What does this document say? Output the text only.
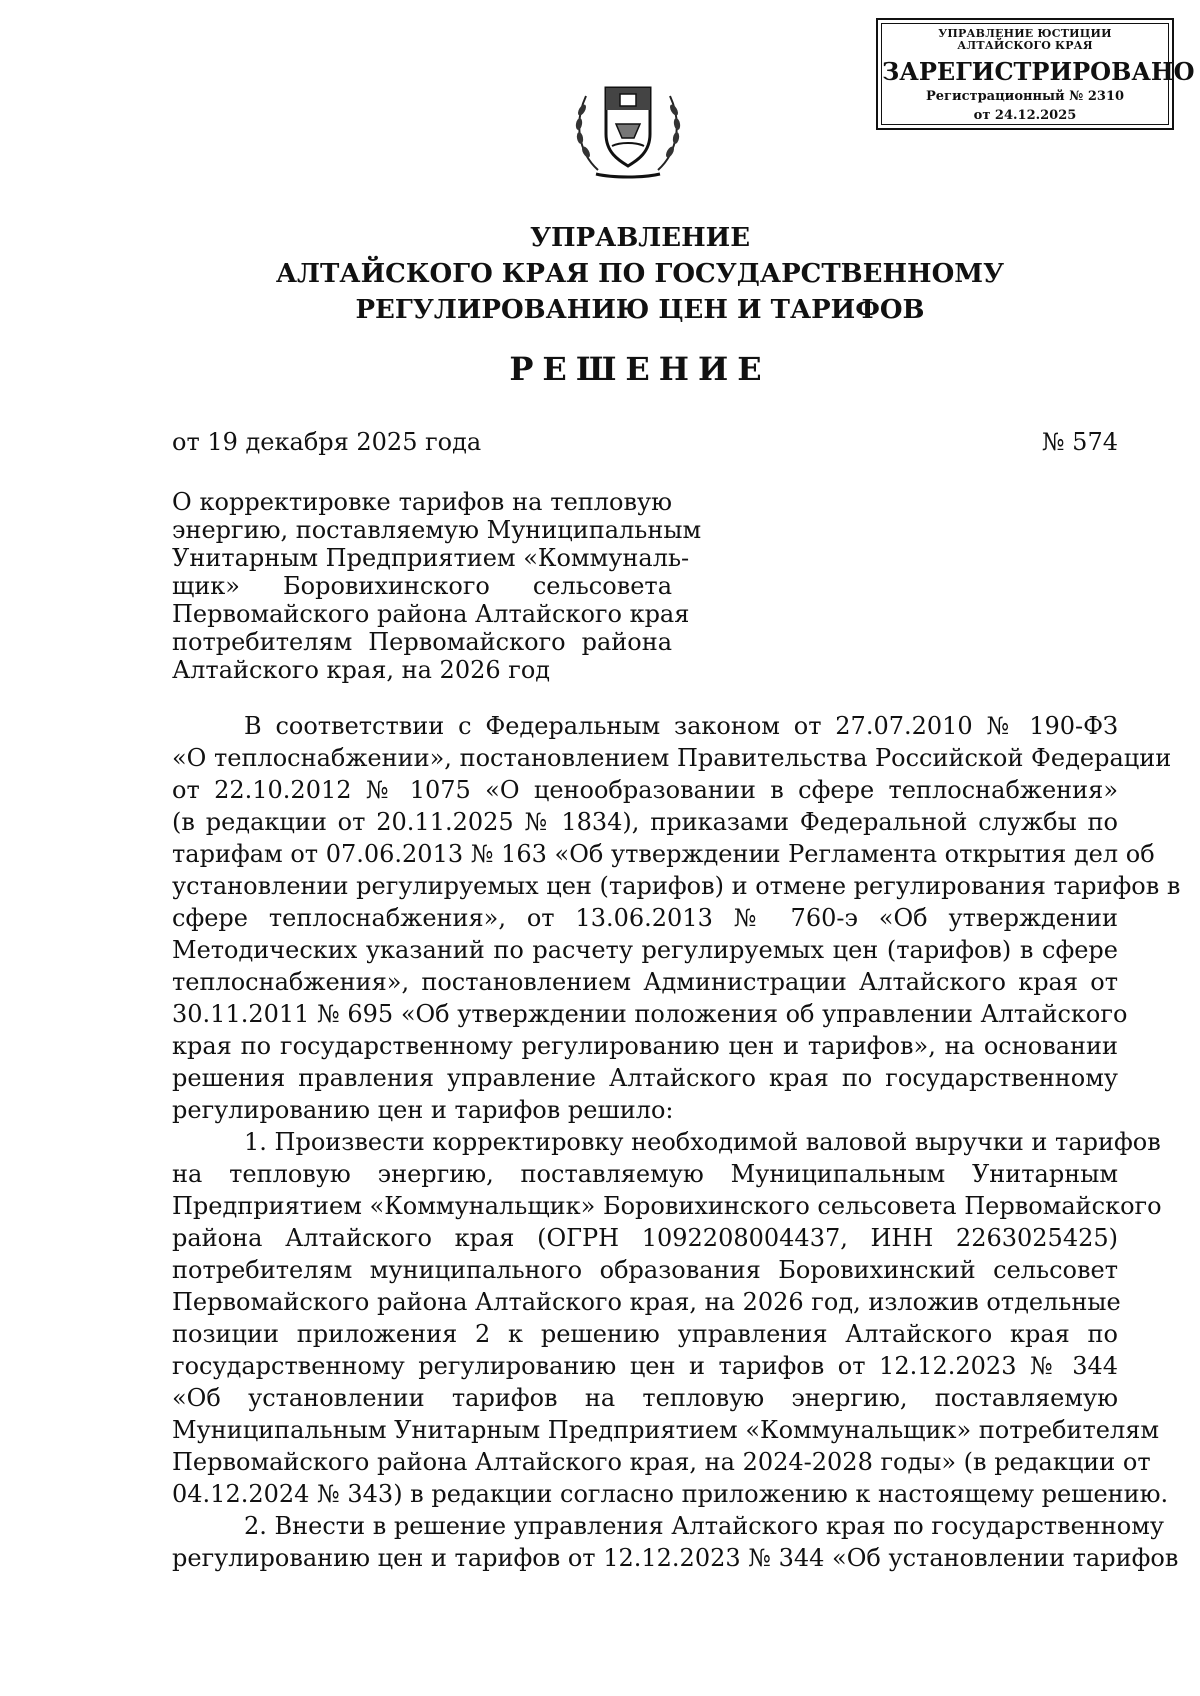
УПРАВЛЕНИЕ ЮСТИЦИИ
АЛТАЙСКОГО КРАЯ
ЗАРЕГИСТРИРОВАНО
Регистрационный № 2310
от 24.12.2025
УПРАВЛЕНИЕ
АЛТАЙСКОГО КРАЯ ПО ГОСУДАРСТВЕННОМУ
РЕГУЛИРОВАНИЮ ЦЕН И ТАРИФОВ
РЕШЕНИЕ
от 19 декабря 2025 года	№ 574
О корректировке тарифов на тепловую
энергию, поставляемую Муниципальным
Унитарным Предприятием «Коммуналь-
щик» Боровихинского сельсовета
Первомайского района Алтайского края
потребителям Первомайского района
Алтайского края, на 2026 год
В соответствии с Федеральным законом от 27.07.2010 № 190-ФЗ
«О теплоснабжении», постановлением Правительства Российской Федерации
от 22.10.2012 № 1075 «О ценообразовании в сфере теплоснабжения»
(в редакции от 20.11.2025 № 1834), приказами Федеральной службы по
тарифам от 07.06.2013 № 163 «Об утверждении Регламента открытия дел об
установлении регулируемых цен (тарифов) и отмене регулирования тарифов в
сфере теплоснабжения», от 13.06.2013 № 760-э «Об утверждении
Методических указаний по расчету регулируемых цен (тарифов) в сфере
теплоснабжения», постановлением Администрации Алтайского края от
30.11.2011 № 695 «Об утверждении положения об управлении Алтайского
края по государственному регулированию цен и тарифов», на основании
решения правления управление Алтайского края по государственному
регулированию цен и тарифов решило:
1. Произвести корректировку необходимой валовой выручки и тарифов
на тепловую энергию, поставляемую Муниципальным Унитарным
Предприятием «Коммунальщик» Боровихинского сельсовета Первомайского
района Алтайского края (ОГРН 1092208004437, ИНН 2263025425)
потребителям муниципального образования Боровихинский сельсовет
Первомайского района Алтайского края, на 2026 год, изложив отдельные
позиции приложения 2 к решению управления Алтайского края по
государственному регулированию цен и тарифов от 12.12.2023 № 344
«Об установлении тарифов на тепловую энергию, поставляемую
Муниципальным Унитарным Предприятием «Коммунальщик» потребителям
Первомайского района Алтайского края, на 2024-2028 годы» (в редакции от
04.12.2024 № 343) в редакции согласно приложению к настоящему решению.
2. Внести в решение управления Алтайского края по государственному
регулированию цен и тарифов от 12.12.2023 № 344 «Об установлении тарифов
